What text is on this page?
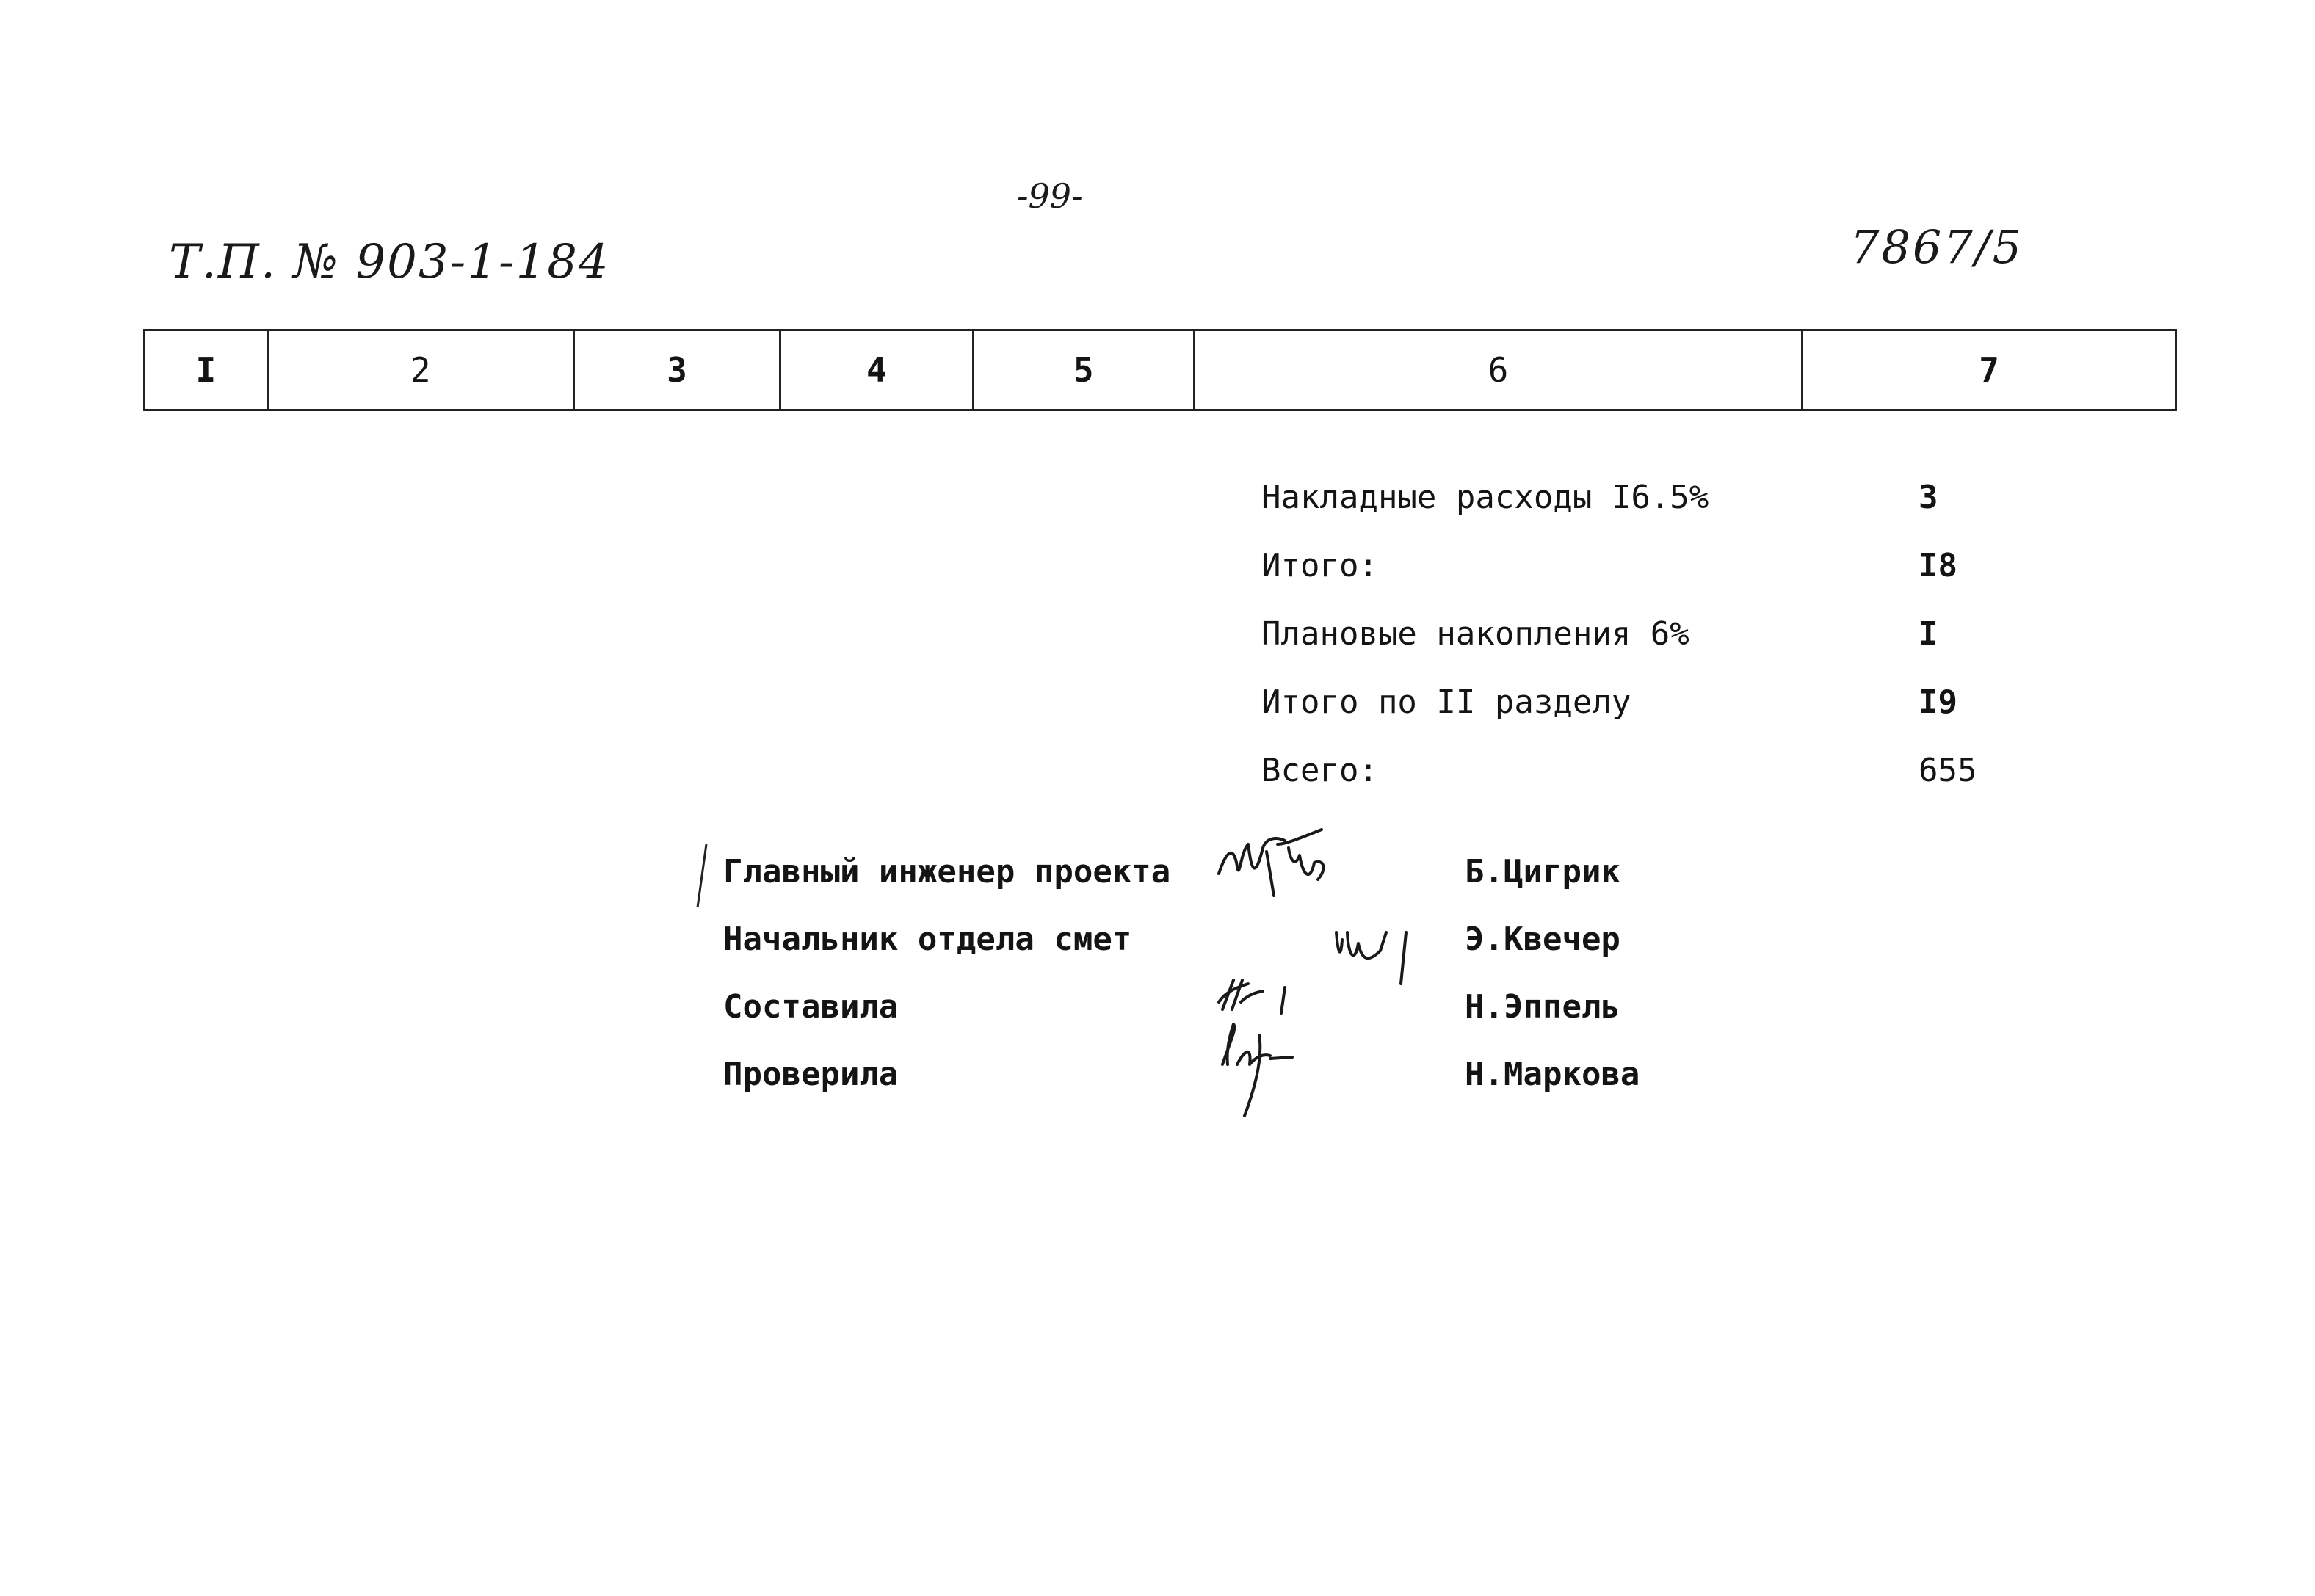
-99-
Т.П. № 903-1-184	7867/5
I	2	3	4	5	6	7
Накладные расходы I6.5%	3
Итого:	I8
Плановые накопления 6%	I
Итого по II разделу	I9
Всего:	655
Главный инженер проекта	Б.Цигрик
Начальник отдела смет	Э.Квечер
Составила	Н.Эппель
Проверила	Н.Маркова
